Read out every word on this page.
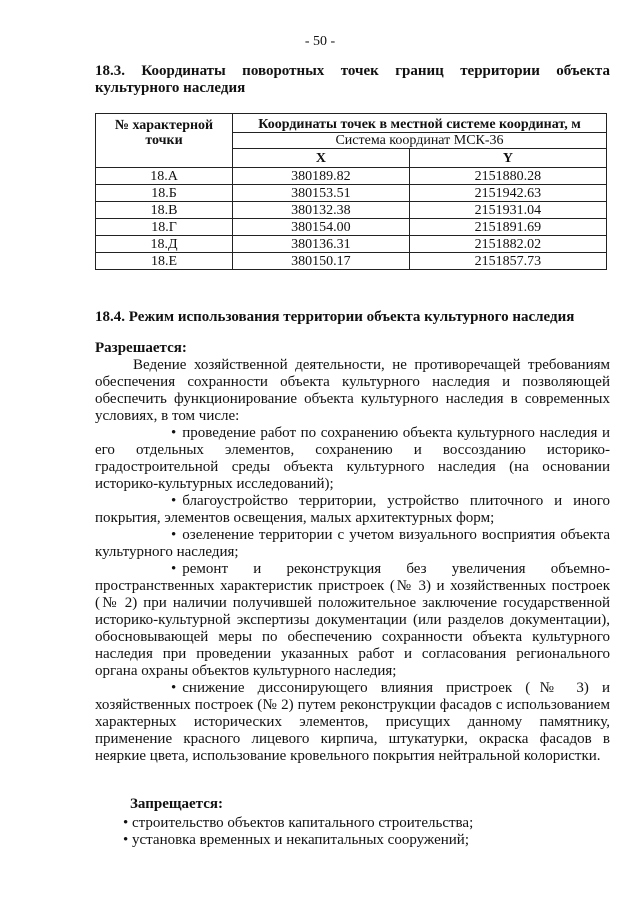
- 50 -
18.3. Координаты поворотных точек границ территории объекта культурного наследия
№ характерной точки	Координаты точек в местной системе координат, м	

	Система координат МСК-36	
	X	Y
18.А	380189.82	2151880.28
18.Б	380153.51	2151942.63
18.В	380132.38	2151931.04
18.Г	380154.00	2151891.69
18.Д	380136.31	2151882.02
18.Е	380150.17	2151857.73
18.4. Режим использования территории объекта культурного наследия

Разрешается:

Ведение хозяйственной деятельности, не противоречащей требованиям обеспечения сохранности объекта культурного наследия и позволяющей обеспечить функционирование объекта культурного наследия в современных условиях, в том числе:

• проведение работ по сохранению объекта культурного наследия и его отдельных элементов, сохранению и воссозданию историко-градостроительной среды объекта культурного наследия (на основании историко-культурных исследований);

• благоустройство территории, устройство плиточного и иного покрытия, элементов освещения, малых архитектурных форм;

• озеленение территории с учетом визуального восприятия объекта культурного наследия;

• ремонт и реконструкция без увеличения объемно-пространственных характеристик пристроек (№ 3) и хозяйственных построек (№ 2) при наличии получившей положительное заключение государственной историко-культурной экспертизы документации (или разделов документации), обосновывающей меры по обеспечению сохранности объекта культурного наследия при проведении указанных работ и согласования регионального органа охраны объектов культурного наследия;

• снижение диссонирующего влияния пристроек (№ 3) и хозяйственных построек (№ 2) путем реконструкции фасадов с использованием характерных исторических элементов, присущих данному памятнику, применение красного лицевого кирпича, штукатурки, окраска фасадов в неяркие цвета, использование кровельного покрытия нейтральной колористки.

Запрещается:

• строительство объектов капитального строительства;

• установка временных и некапитальных сооружений;
